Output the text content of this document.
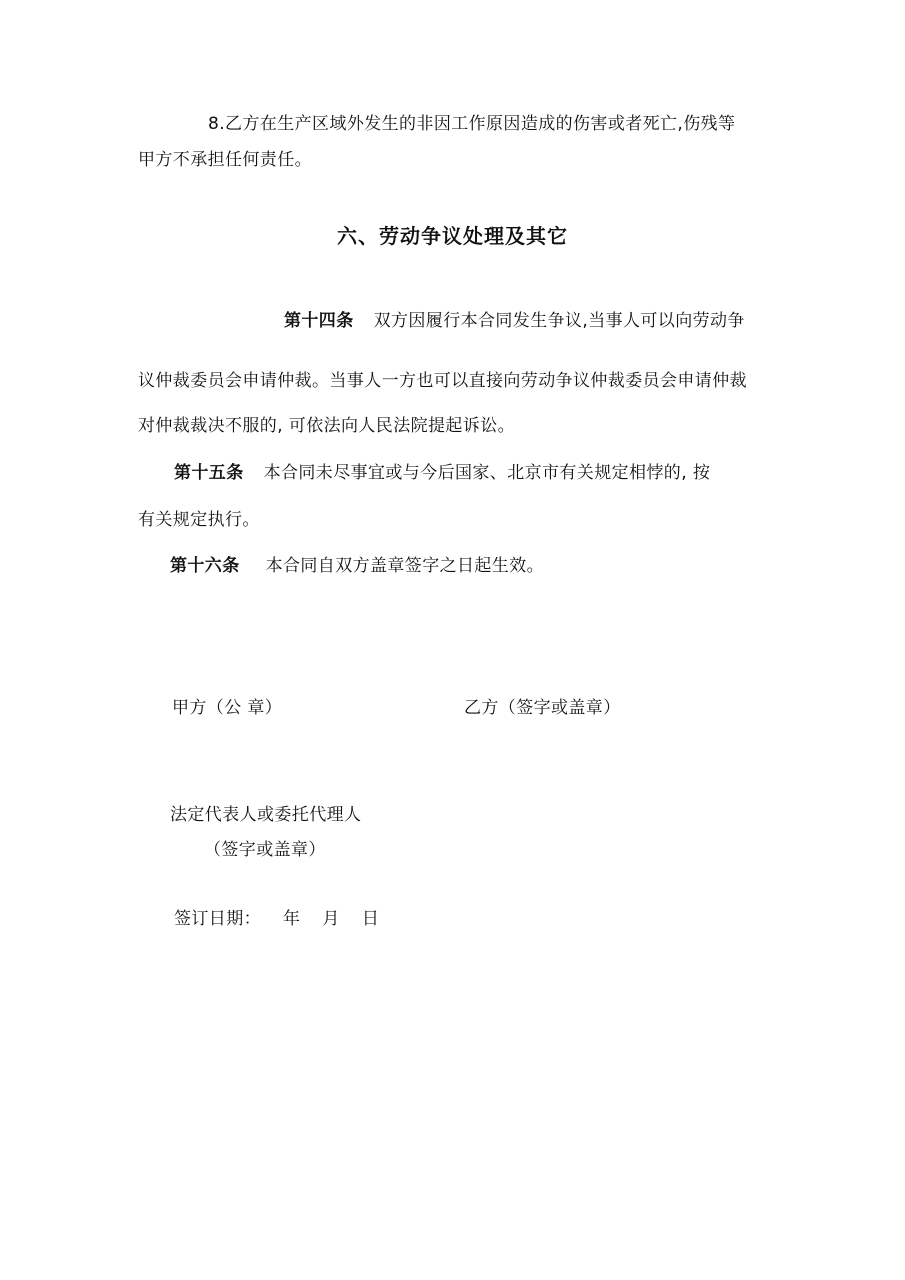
8.乙方在生产区域外发生的非因工作原因造成的伤害或者死亡,伤残等
甲方不承担任何责任。
六、劳动争议处理及其它
第十四条 双方因履行本合同发生争议,当事人可以向劳动争
议仲裁委员会申请仲裁。当事人一方也可以直接向劳动争议仲裁委员会申请仲裁
对仲裁裁决不服的, 可依法向人民法院提起诉讼。
第十五条 本合同未尽事宜或与今后国家、北京市有关规定相悖的, 按
有关规定执行。
第十六条 本合同自双方盖章签字之日起生效。
甲方（公 章）	乙方（签字或盖章）
法定代表人或委托代理人
（签字或盖章）
签订日期： 年 月 日
